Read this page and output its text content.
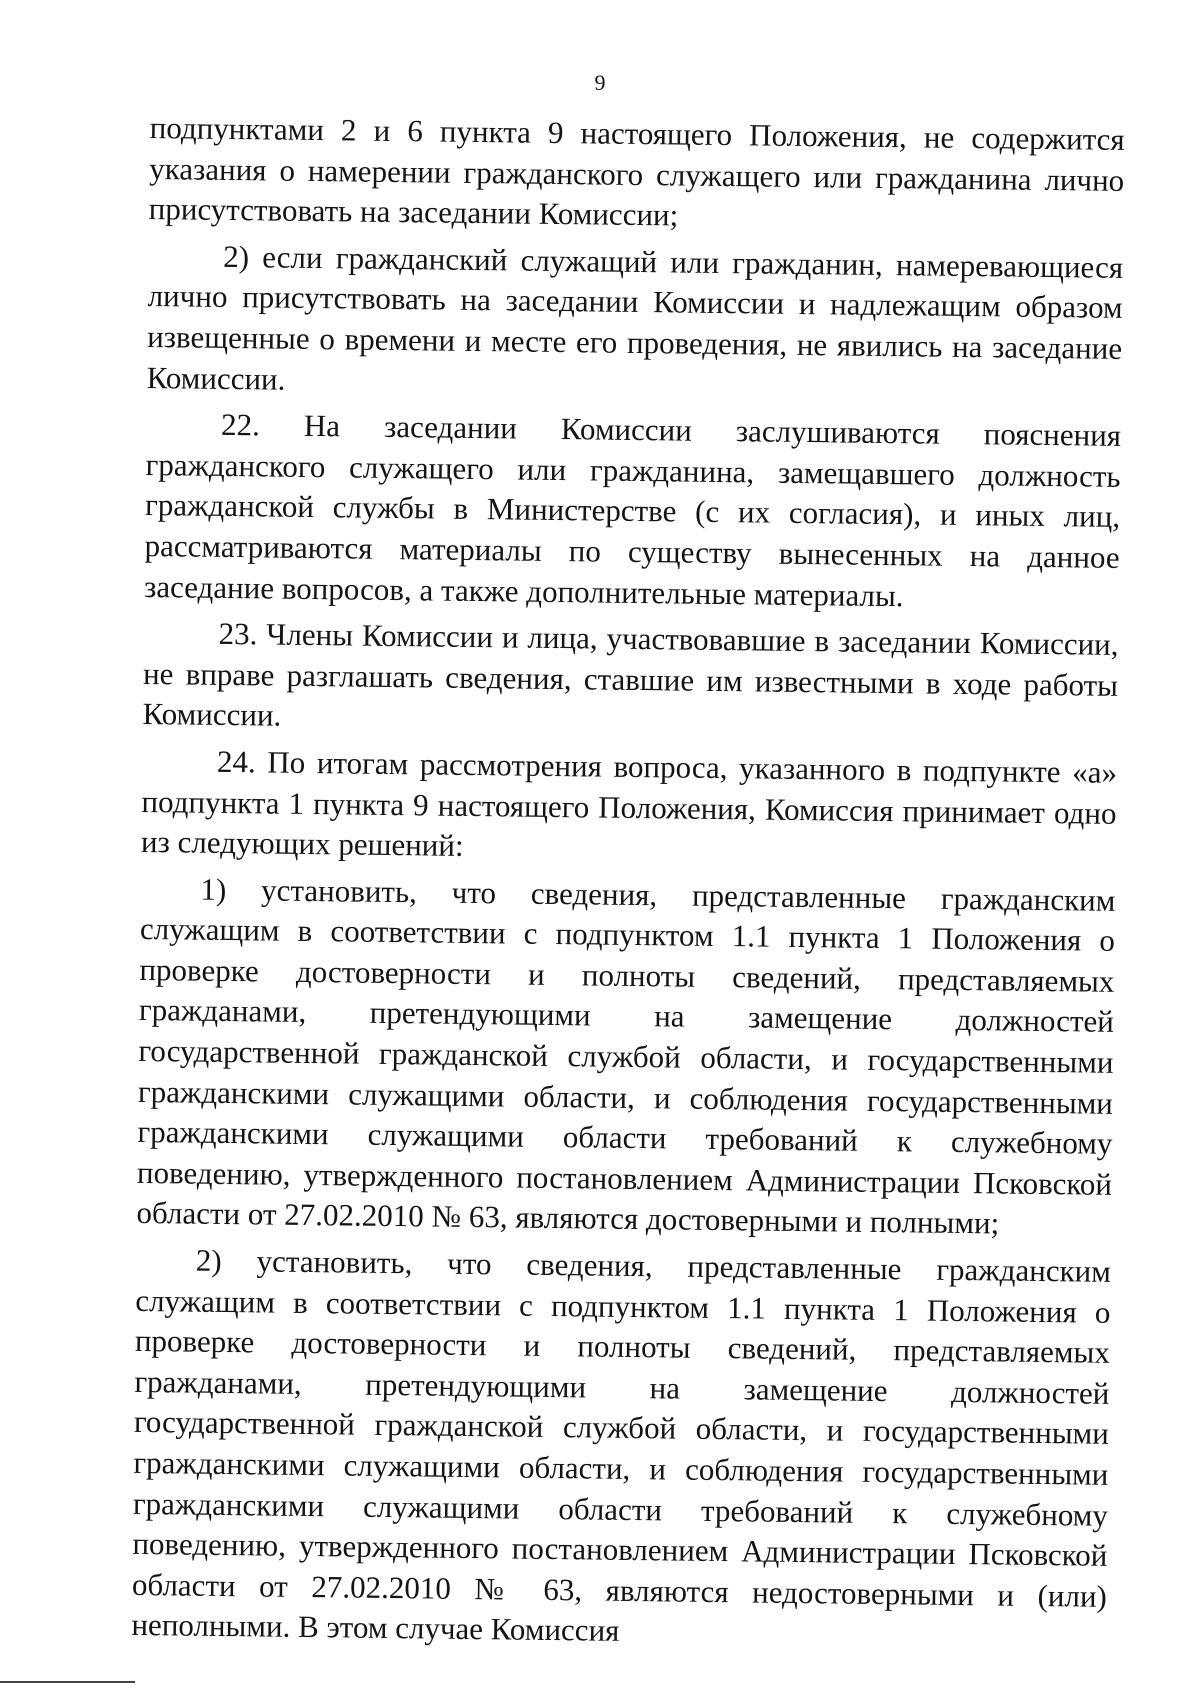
9

подпунктами 2 и 6 пункта 9 настоящего Положения, не содержится указания о намерении гражданского служащего или гражданина лично присутствовать на заседании Комиссии;

2) если гражданский служащий или гражданин, намеревающиеся лично присутствовать на заседании Комиссии и надлежащим образом извещенные о времени и месте его проведения, не явились на заседание Комиссии.

22. На заседании Комиссии заслушиваются пояснения гражданского служащего или гражданина, замещавшего должность гражданской службы в Министерстве (с их согласия), и иных лиц, рассматриваются материалы по существу вынесенных на данное заседание вопросов, а также дополнительные материалы.

23. Члены Комиссии и лица, участвовавшие в заседании Комиссии, не вправе разглашать сведения, ставшие им известными в ходе работы Комиссии.

24. По итогам рассмотрения вопроса, указанного в подпункте «а» подпункта 1 пункта 9 настоящего Положения, Комиссия принимает одно из следующих решений:

1) установить, что сведения, представленные гражданским служащим в соответствии с подпунктом 1.1 пункта 1 Положения о проверке достоверности и полноты сведений, представляемых гражданами, претендующими на замещение должностей государственной гражданской службой области, и государственными гражданскими служащими области, и соблюдения государственными гражданскими служащими области требований к служебному поведению, утвержденного постановлением Администрации Псковской области от 27.02.2010 № 63, являются достоверными и полными;

2) установить, что сведения, представленные гражданским служащим в соответствии с подпунктом 1.1 пункта 1 Положения о проверке достоверности и полноты сведений, представляемых гражданами, претендующими на замещение должностей государственной гражданской службой области, и государственными гражданскими служащими области, и соблюдения государственными гражданскими служащими области требований к служебному поведению, утвержденного постановлением Администрации Псковской области от 27.02.2010 № 63, являются недостоверными и (или) неполными. В этом случае Комиссия
